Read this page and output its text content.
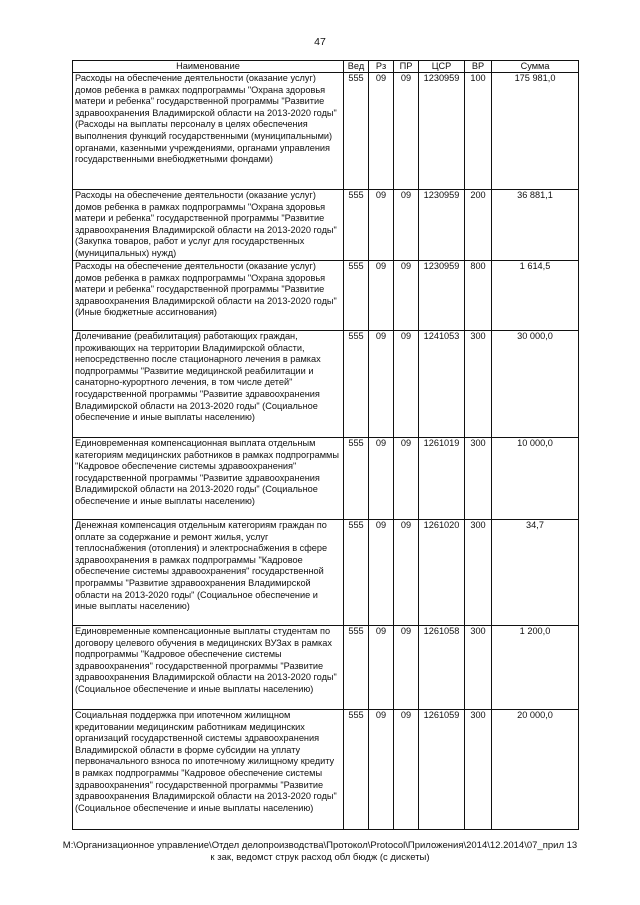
47
Наименование	Вед	Рз	ПР	ЦСР	ВР	Сумма
Расходы на обеспечение деятельности (оказание услуг) домов ребенка в рамках подпрограммы "Охрана здоровья матери и ребенка" государственной программы "Развитие здравоохранения Владимирской области на 2013-2020 годы" (Расходы на выплаты персоналу в целях обеспечения выполнения функций государственными (муниципальными) органами, казенными учреждениями, органами управления государственными внебюджетными фондами)	555	09	09	1230959	100	175 981,0
Расходы на обеспечение деятельности (оказание услуг) домов ребенка в рамках подпрограммы "Охрана здоровья матери и ребенка" государственной программы "Развитие здравоохранения Владимирской области на 2013-2020 годы" (Закупка товаров, работ и услуг для государственных (муниципальных) нужд)	555	09	09	1230959	200	36 881,1
Расходы на обеспечение деятельности (оказание услуг) домов ребенка в рамках подпрограммы "Охрана здоровья матери и ребенка" государственной программы "Развитие здравоохранения Владимирской области на 2013-2020 годы" (Иные бюджетные ассигнования)	555	09	09	1230959	800	1 614,5
Долечивание (реабилитация) работающих граждан, проживающих на территории Владимирской области, непосредственно после стационарного лечения в рамках подпрограммы "Развитие медицинской реабилитации и санаторно-курортного лечения, в том числе детей" государственной программы "Развитие здравоохранения Владимирской области на 2013-2020 годы" (Социальное обеспечение и иные выплаты населению)	555	09	09	1241053	300	30 000,0
Единовременная компенсационная выплата отдельным категориям медицинских работников в рамках подпрограммы "Кадровое обеспечение системы здравоохранения" государственной программы "Развитие здравоохранения Владимирской области на 2013-2020 годы" (Социальное обеспечение и иные выплаты населению)	555	09	09	1261019	300	10 000,0
Денежная компенсация отдельным категориям граждан по оплате за содержание и ремонт жилья, услуг теплоснабжения (отопления) и электроснабжения в сфере здравоохранения в рамках подпрограммы "Кадровое обеспечение системы здравоохранения" государственной программы "Развитие здравоохранения Владимирской области на 2013-2020 годы" (Социальное обеспечение и иные выплаты населению)	555	09	09	1261020	300	34,7
Единовременные компенсационные выплаты студентам по договору целевого обучения в медицинских ВУЗах в рамках подпрограммы "Кадровое обеспечение системы здравоохранения" государственной программы "Развитие здравоохранения Владимирской области на 2013-2020 годы" (Социальное обеспечение и иные выплаты населению)	555	09	09	1261058	300	1 200,0
Социальная поддержка при ипотечном жилищном кредитовании медицинским работникам медицинских организаций государственной системы здравоохранения Владимирской области в форме субсидии на уплату первоначального взноса по ипотечному жилищному кредиту в рамках подпрограммы "Кадровое обеспечение системы здравоохранения" государственной программы "Развитие здравоохранения Владимирской области на 2013-2020 годы" (Социальное обеспечение и иные выплаты населению)	555	09	09	1261059	300	20 000,0
M:\Организационное управление\Отдел делопроизводства\Протокол\Protocol\Приложения\2014\12.2014\07_прил 13
к зак, ведомст струк расход обл бюдж (с дискеты)
